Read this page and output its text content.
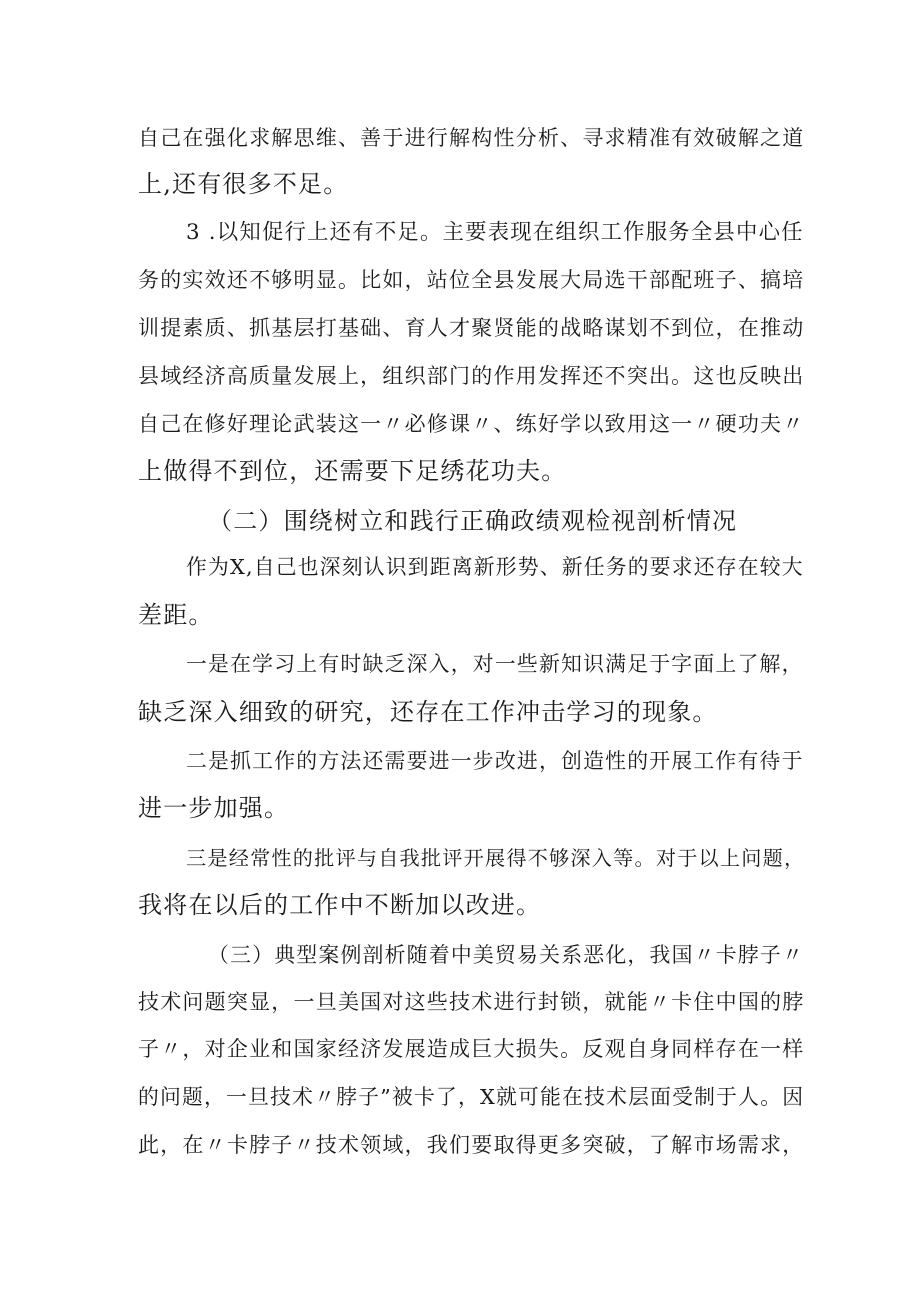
自己在强化求解思维、善于进行解构性分析、寻求精准有效破解之道
上,还有很多不足。
3 .以知促行上还有不足。主要表现在组织工作服务全县中心任
务的实效还不够明显。比如，站位全县发展大局选干部配班子、搞培
训提素质、抓基层打基础、育人才聚贤能的战略谋划不到位，在推动
县域经济高质量发展上，组织部门的作用发挥还不突出。这也反映出
自己在修好理论武装这一〃必修课〃、练好学以致用这一〃硬功夫〃
上做得不到位，还需要下足绣花功夫。
（二）围绕树立和践行正确政绩观检视剖析情况
作为X,自己也深刻认识到距离新形势、新任务的要求还存在较大
差距。
一是在学习上有时缺乏深入，对一些新知识满足于字面上了解，
缺乏深入细致的研究，还存在工作冲击学习的现象。
二是抓工作的方法还需要进一步改进，创造性的开展工作有待于
进一步加强。
三是经常性的批评与自我批评开展得不够深入等。对于以上问题，
我将在以后的工作中不断加以改进。
（三）典型案例剖析随着中美贸易关系恶化，我国〃卡脖子〃
技术问题突显，一旦美国对这些技术进行封锁，就能〃卡住中国的脖
子〃，对企业和国家经济发展造成巨大损失。反观自身同样存在一样
的问题，一旦技术〃脖子”被卡了，X就可能在技术层面受制于人。因
此，在〃卡脖子〃技术领域，我们要取得更多突破，了解市场需求，
